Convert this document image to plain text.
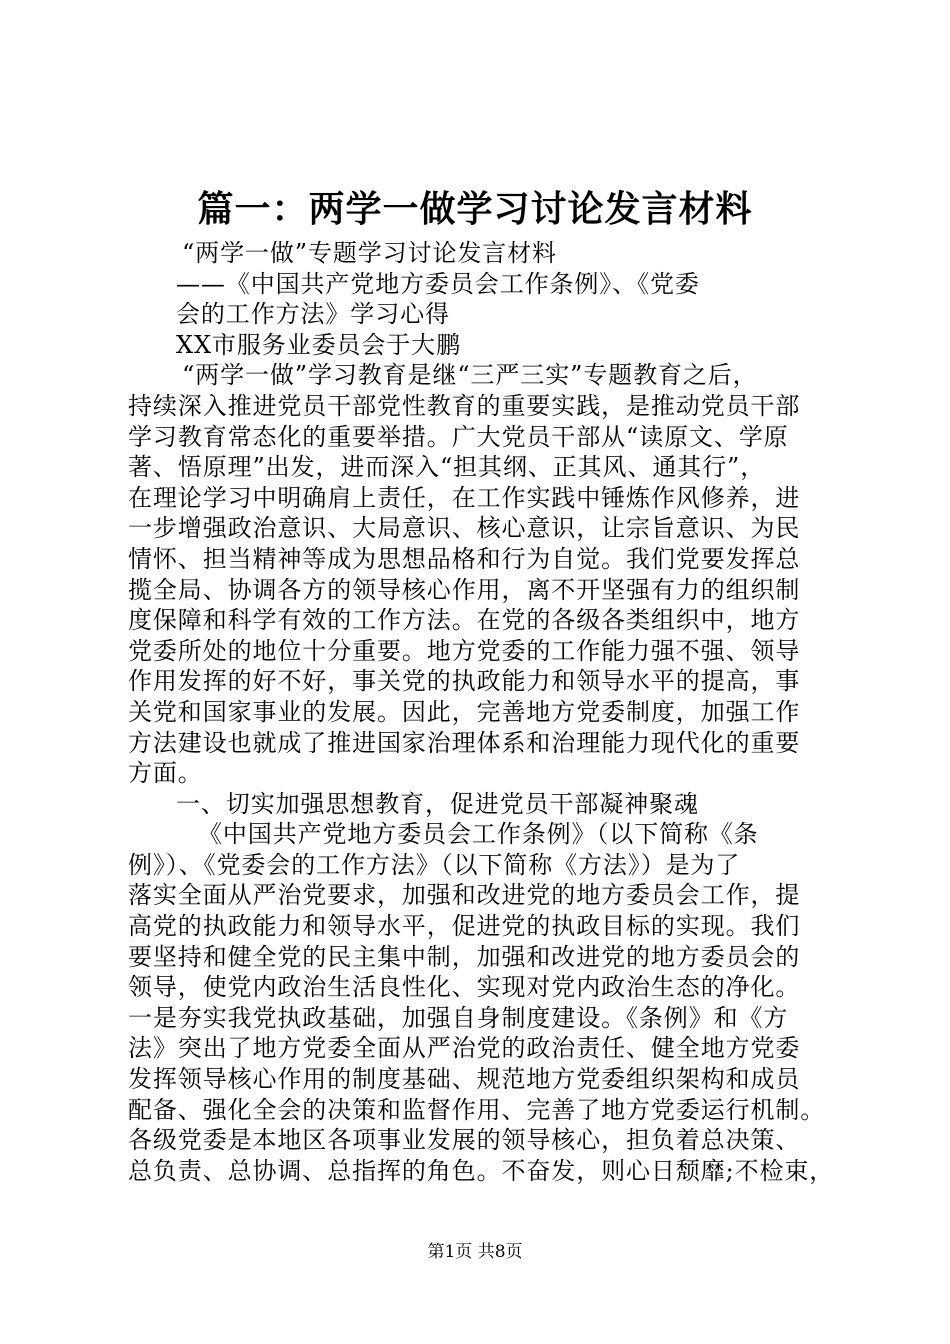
篇一：两学一做学习讨论发言材料
“两学一做”专题学习讨论发言材料
——《中国共产党地方委员会工作条例》、《党委
会的工作方法》学习心得
XX市服务业委员会于大鹏
“两学一做”学习教育是继“三严三实”专题教育之后，
持续深入推进党员干部党性教育的重要实践，是推动党员干部
学习教育常态化的重要举措。广大党员干部从“读原文、学原
著、悟原理”出发，进而深入“担其纲、正其风、通其行”，
在理论学习中明确肩上责任，在工作实践中锤炼作风修养，进
一步增强政治意识、大局意识、核心意识，让宗旨意识、为民
情怀、担当精神等成为思想品格和行为自觉。我们党要发挥总
揽全局、协调各方的领导核心作用，离不开坚强有力的组织制
度保障和科学有效的工作方法。在党的各级各类组织中，地方
党委所处的地位十分重要。地方党委的工作能力强不强、领导
作用发挥的好不好，事关党的执政能力和领导水平的提高，事
关党和国家事业的发展。因此，完善地方党委制度，加强工作
方法建设也就成了推进国家治理体系和治理能力现代化的重要
方面。
一、切实加强思想教育，促进党员干部凝神聚魂
《中国共产党地方委员会工作条例》（以下简称《条
例》）、《党委会的工作方法》（以下简称《方法》）是为了
落实全面从严治党要求，加强和改进党的地方委员会工作，提
高党的执政能力和领导水平，促进党的执政目标的实现。我们
要坚持和健全党的民主集中制，加强和改进党的地方委员会的
领导，使党内政治生活良性化、实现对党内政治生态的净化。
一是夯实我党执政基础，加强自身制度建设。《条例》和《方
法》突出了地方党委全面从严治党的政治责任、健全地方党委
发挥领导核心作用的制度基础、规范地方党委组织架构和成员
配备、强化全会的决策和监督作用、完善了地方党委运行机制。
各级党委是本地区各项事业发展的领导核心，担负着总决策、
总负责、总协调、总指挥的角色。不奋发，则心日颓靡;不检束，
第1页 共8页
